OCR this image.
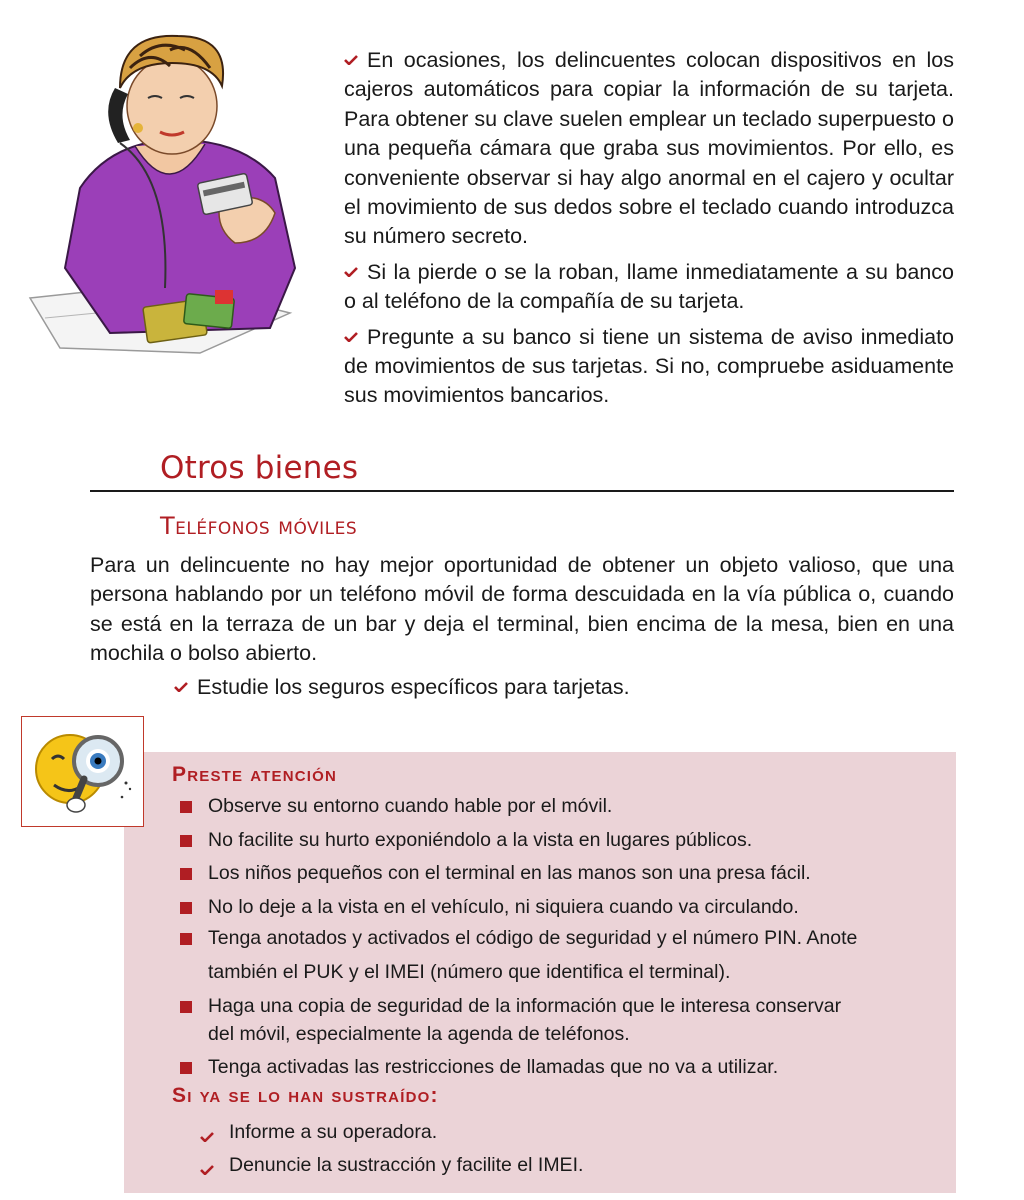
En ocasiones, los delincuentes colocan dispositivos en los cajeros automáticos para copiar la información de su tarjeta. Para obtener su clave suelen emplear un teclado superpuesto o una pequeña cámara que graba sus movimientos. Por ello, es conveniente observar si hay algo anormal en el cajero y ocultar el movimiento de sus dedos sobre el teclado cuando introduzca su número secreto.

Si la pierde o se la roban, llame inmediatamente a su banco o al teléfono de la compañía de su tarjeta.

Pregunte a su banco si tiene un sistema de aviso inmediato de movimientos de sus tarjetas. Si no, compruebe asiduamente sus movimientos bancarios.

Otros bienes
Teléfonos móviles

Para un delincuente no hay mejor oportunidad de obtener un objeto valioso, que una persona hablando por un teléfono móvil de forma descuidada en la vía pública o, cuando se está en la terraza de un bar y deja el terminal, bien encima de la mesa, bien en una mochila o bolso abierto.

Estudie los seguros específicos para tarjetas.

Preste atención

Observe su entorno cuando hable por el móvil.
No facilite su hurto exponiéndolo a la vista en lugares públicos.
Los niños pequeños con el terminal en las manos son una presa fácil.
No lo deje a la vista en el vehículo, ni siquiera cuando va circulando.
Tenga anotados y activados el código de seguridad y el número PIN. Anote
también el PUK y el IMEI (número que identifica el terminal).
Haga una copia de seguridad de la información que le interesa conservar
del móvil, especialmente la agenda de teléfonos.
Tenga activadas las restricciones de llamadas que no va a utilizar.

Si ya se lo han sustraído:

Informe a su operadora.
Denuncie la sustracción y facilite el IMEI.
